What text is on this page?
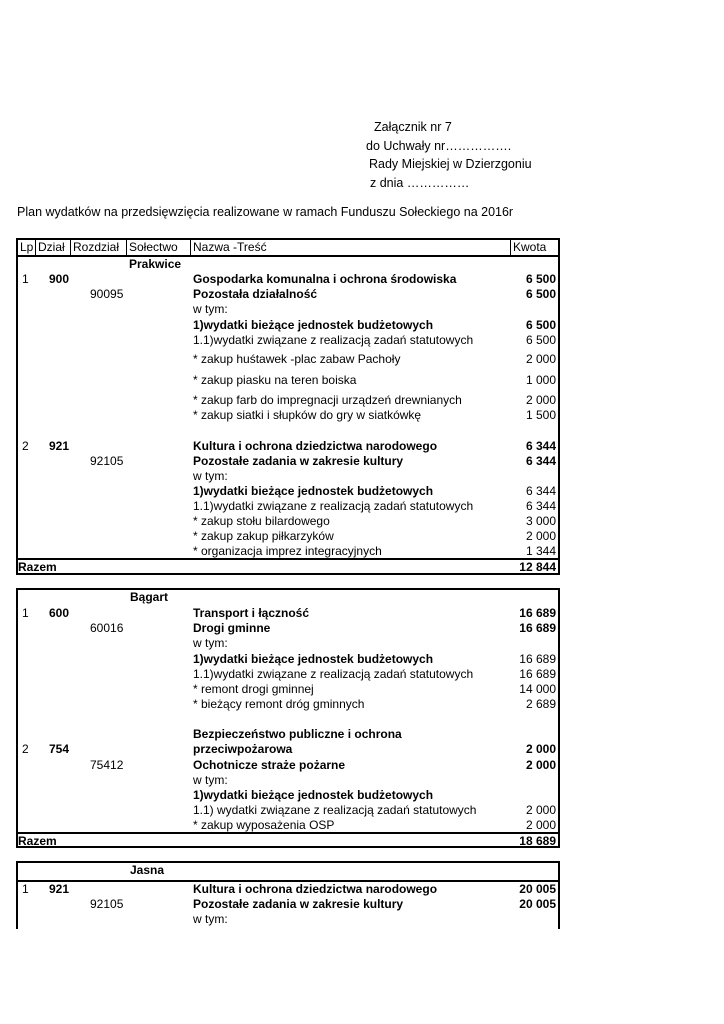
Załącznik nr 7
do Uchwały nr…………….
Rady Miejskiej w Dzierzgoniu
z dnia ……………
Plan wydatków na przedsięwzięcia realizowane w ramach Funduszu Sołeckiego na 2016r
Lp Dział Rozdział Sołectwo	Nazwa -Treść	Kwota
Prakwice
1 900	Gospodarka komunalna i ochrona środowiska	6 500
90095	Pozostała działalność	6 500
w tym:
1)wydatki bieżące jednostek budżetowych	6 500
1.1)wydatki związane z realizacją zadań statutowych	6 500
* zakup huśtawek -plac zabaw Pachoły	2 000
* zakup piasku na teren boiska	1 000
* zakup farb do impregnacji urządzeń drewnianych	2 000
* zakup siatki i słupków do gry w siatkówkę	1 500
2 921	Kultura i ochrona dziedzictwa narodowego	6 344
92105	Pozostałe zadania w zakresie kultury	6 344
w tym:
1)wydatki bieżące jednostek budżetowych	6 344
1.1)wydatki związane z realizacją zadań statutowych	6 344
* zakup stołu bilardowego	3 000
* zakup zakup piłkarzyków	2 000
* organizacja imprez integracyjnych	1 344
Razem	12 844
Bągart
1 600	Transport i łączność	16 689
60016	Drogi gminne	16 689
w tym:
1)wydatki bieżące jednostek budżetowych	16 689
1.1)wydatki związane z realizacją zadań statutowych	16 689
* remont drogi gminnej	14 000
* bieżący remont dróg gminnych	2 689
Bezpieczeństwo publiczne i ochrona
2 754	przeciwpożarowa	2 000
75412	Ochotnicze straże pożarne	2 000
w tym:
1)wydatki bieżące jednostek budżetowych
1.1) wydatki związane z realizacją zadań statutowych	2 000
* zakup wyposażenia OSP	2 000
Razem	18 689
Jasna
1 921	Kultura i ochrona dziedzictwa narodowego	20 005
92105	Pozostałe zadania w zakresie kultury	20 005
w tym:
